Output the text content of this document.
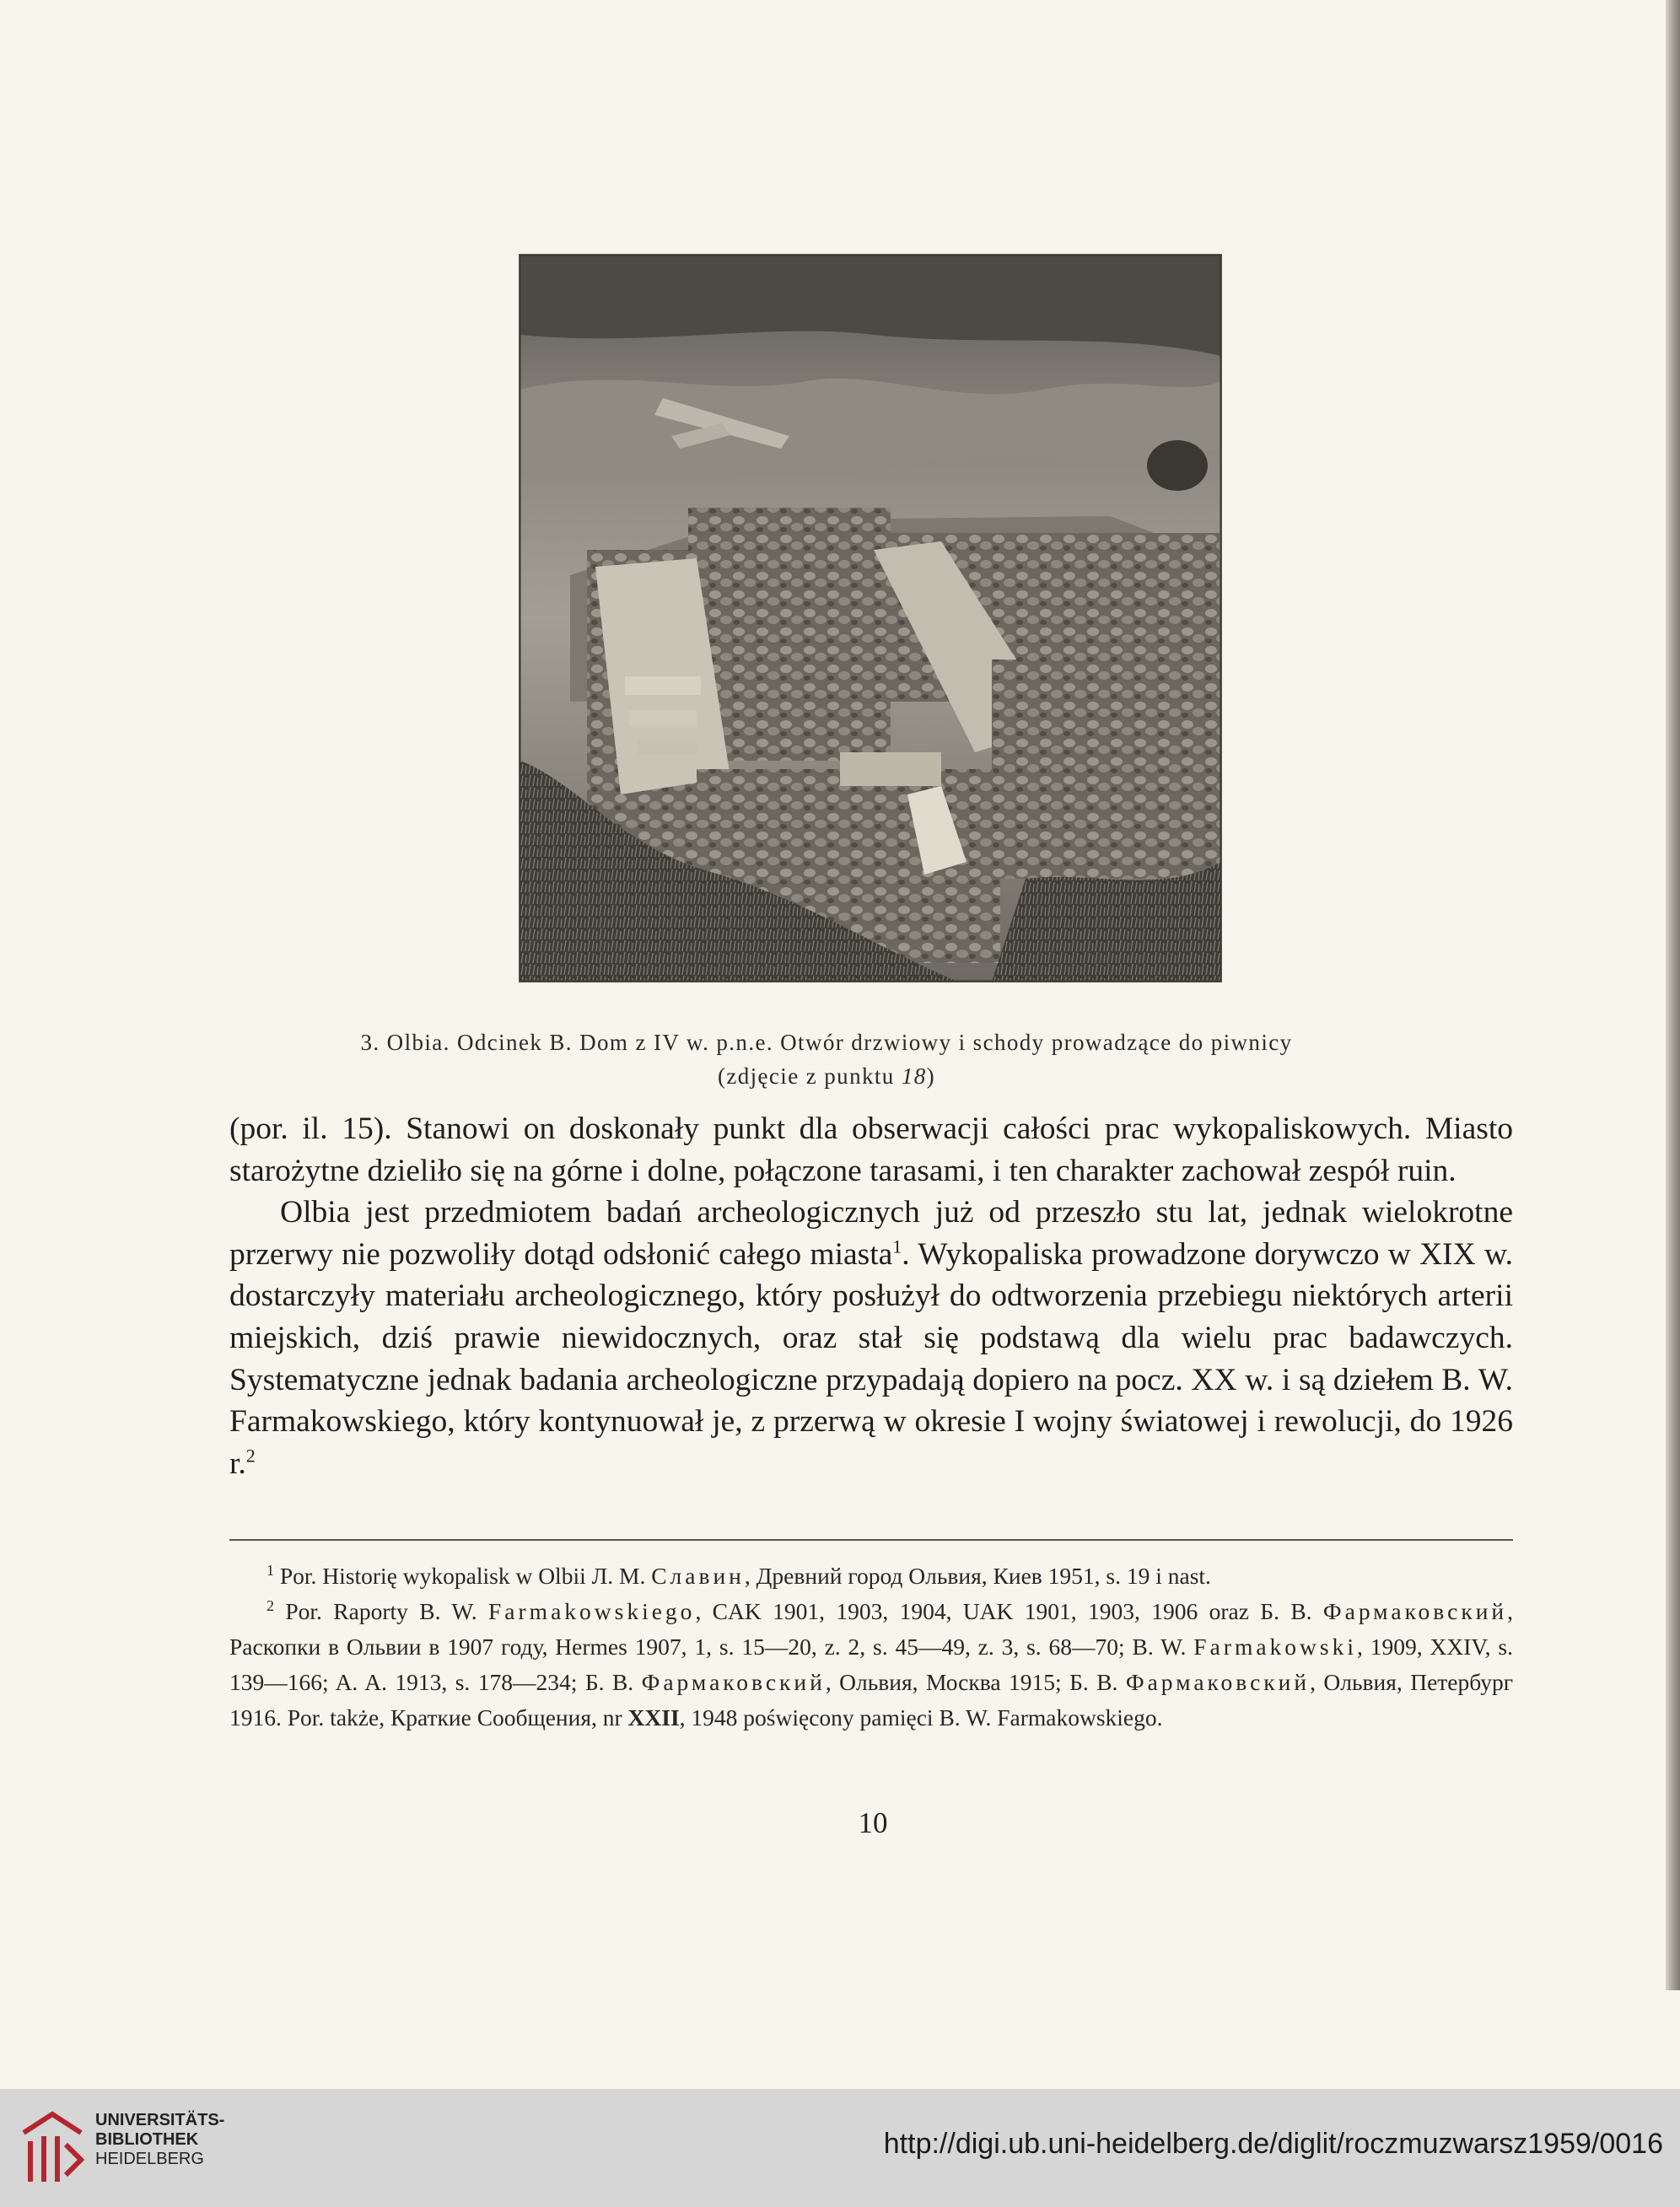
3. Olbia. Odcinek B. Dom z IV w. p.n.e. Otwór drzwiowy i schody prowadzące do piwnicy
(zdjęcie z punktu 18)

(por. il. 15). Stanowi on doskonały punkt dla obserwacji całości prac wykopaliskowych. Miasto starożytne dzieliło się na górne i dolne, połączone tarasami, i ten charakter zachował zespół ruin.

Olbia jest przedmiotem badań archeologicznych już od przeszło stu lat, jednak wielokrotne przerwy nie pozwoliły dotąd odsłonić całego miasta$^1$. Wykopaliska prowadzone dorywczo w XIX w. dostarczyły materiału archeologicznego, który posłużył do odtworzenia przebiegu niektórych arterii miejskich, dziś prawie niewidocznych, oraz stał się podstawą dla wielu prac badawczych. Systematyczne jednak badania archeologiczne przypadają dopiero na pocz. XX w. i są dziełem B. W. Farmakowskiego, który kontynuował je, z przerwą w okresie I wojny światowej i rewolucji, do 1926 r.$^2$

$^1$ Por. Historię wykopalisk w Olbii Л. М. Славин, Древний город Ольвия, Киев 1951, s. 19 i nast.

$^2$ Por. Raporty B. W. Farmakowskiego, CAK 1901, 1903, 1904, UAK 1901, 1903, 1906 oraz Б. В. Фармаковский, Раскопки в Ольвии в 1907 году, Hermes 1907, 1, s. 15—20, z. 2, s. 45—49, z. 3, s. 68—70; B. W. Farmakowski, 1909, XXIV, s. 139—166; A. A. 1913, s. 178—234; Б. В. Фармаковский, Ольвия, Москва 1915; Б. В. Фармаковский, Ольвия, Петербург 1916. Por. także, Краткие Сообщения, nr XXII, 1948 poświęcony pamięci B. W. Farmakowskiego.

10
UNIVERSITÄTS-
BIBLIOTHEK
HEIDELBERG	http://digi.ub.uni-heidelberg.de/diglit/roczmuzwarsz1959/0016
